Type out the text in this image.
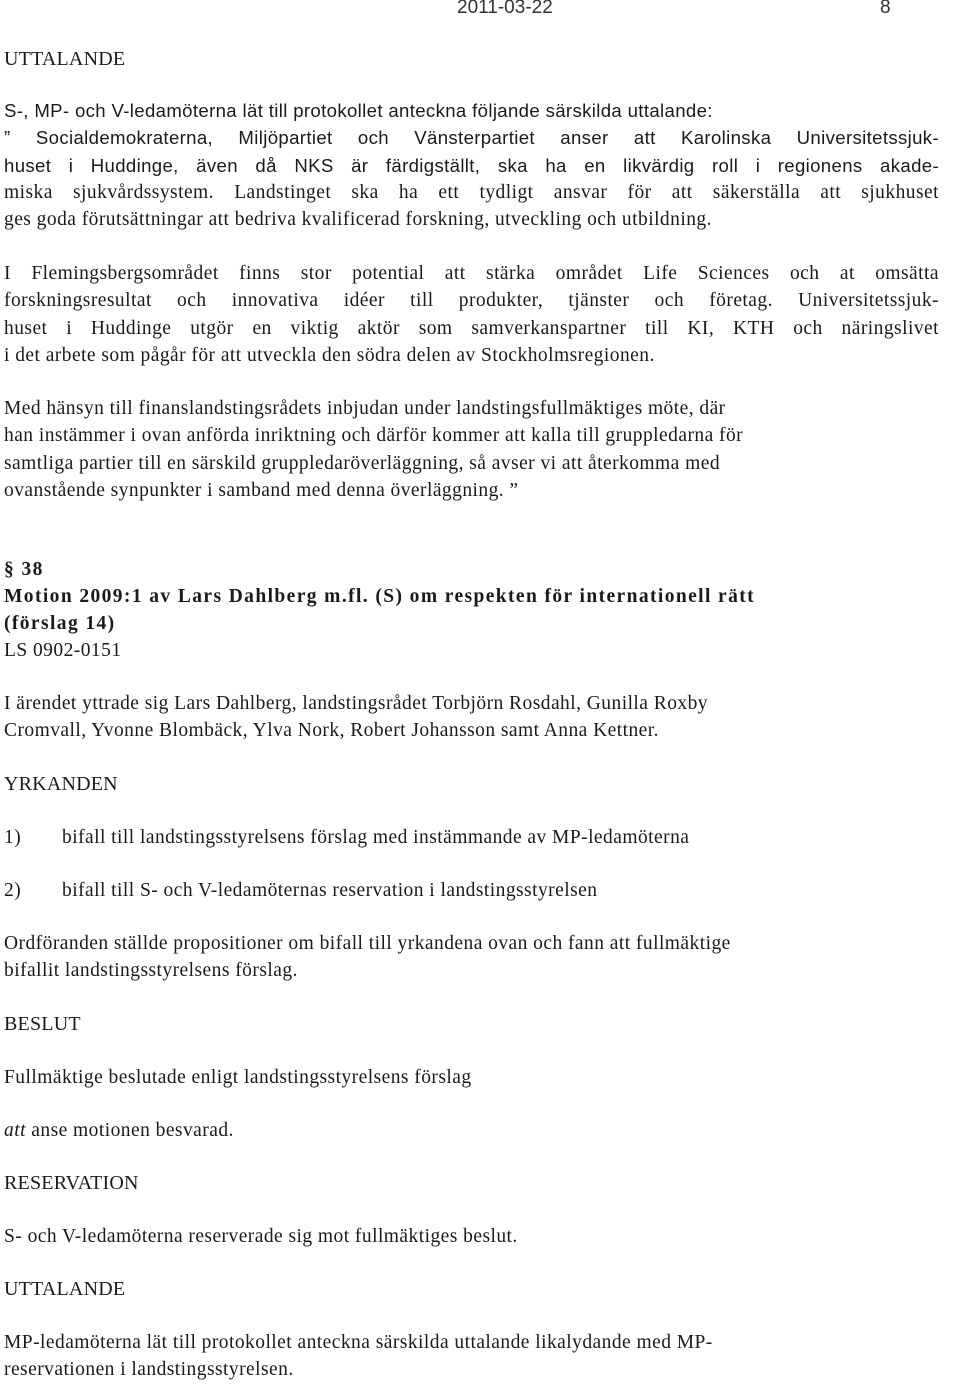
2011-03-22	8
UTTALANDE
S-, MP- och V-ledamöterna lät till protokollet anteckna följande särskilda uttalande:
” Socialdemokraterna, Miljöpartiet och Vänsterpartiet anser att Karolinska Universitetssjuk-
huset i Huddinge, även då NKS är färdigställt, ska ha en likvärdig roll i regionens akade-
miska sjukvårdssystem. Landstinget ska ha ett tydligt ansvar för att säkerställa att sjukhuset
ges goda förutsättningar att bedriva kvalificerad forskning, utveckling och utbildning.
I Flemingsbergsområdet finns stor potential att stärka området Life Sciences och at omsätta
forskningsresultat och innovativa idéer till produkter, tjänster och företag. Universitetssjuk-
huset i Huddinge utgör en viktig aktör som samverkanspartner till KI, KTH och näringslivet
i det arbete som pågår för att utveckla den södra delen av Stockholmsregionen.
Med hänsyn till finanslandstingsrådets inbjudan under landstingsfullmäktiges möte, där
han instämmer i ovan anförda inriktning och därför kommer att kalla till gruppledarna för
samtliga partier till en särskild gruppledaröverläggning, så avser vi att återkomma med
ovanstående synpunkter i samband med denna överläggning. ”
§ 38
Motion 2009:1 av Lars Dahlberg m.fl. (S) om respekten för internationell rätt
(förslag 14)
LS 0902-0151
I ärendet yttrade sig Lars Dahlberg, landstingsrådet Torbjörn Rosdahl, Gunilla Roxby
Cromvall, Yvonne Blombäck, Ylva Nork, Robert Johansson samt Anna Kettner.
YRKANDEN
1) bifall till landstingsstyrelsens förslag med instämmande av MP-ledamöterna
2) bifall till S- och V-ledamöternas reservation i landstingsstyrelsen
Ordföranden ställde propositioner om bifall till yrkandena ovan och fann att fullmäktige
bifallit landstingsstyrelsens förslag.
BESLUT
Fullmäktige beslutade enligt landstingsstyrelsens förslag
att anse motionen besvarad.
RESERVATION
S- och V-ledamöterna reserverade sig mot fullmäktiges beslut.
UTTALANDE
MP-ledamöterna lät till protokollet anteckna särskilda uttalande likalydande med MP-
reservationen i landstingsstyrelsen.
